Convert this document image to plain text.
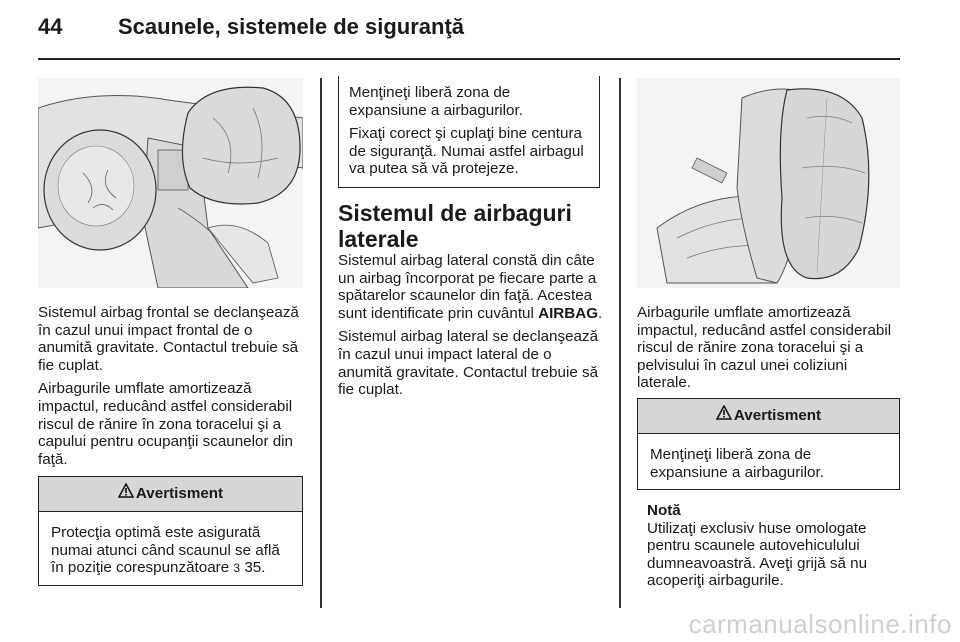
44	Scaunele, sistemele de siguranţă

Sistemul airbag frontal se declanşează în cazul unui impact frontal de o anumită gravitate. Contactul trebuie să fie cuplat.

Airbagurile umflate amortizează impactul, reducând astfel considerabil riscul de rănire în zona toracelui şi a capului pentru ocupanţii scaunelor din faţă.

Avertisment
Protecţia optimă este asigurată numai atunci când scaunul se află în poziţie corespunzătoare 3 35.

Menţineţi liberă zona de expansiune a airbagurilor.

Fixaţi corect şi cuplaţi bine centura de siguranţă. Numai astfel airbagul va putea să vă protejeze.

Sistemul de airbaguri laterale

Sistemul airbag lateral constă din câte un airbag încorporat pe fiecare parte a spătarelor scaunelor din faţă. Acestea sunt identificate prin cuvântul AIRBAG.

Sistemul airbag lateral se declanşează în cazul unui impact lateral de o anumită gravitate. Contactul trebuie să fie cuplat.

Airbagurile umflate amortizează impactul, reducând astfel considerabil riscul de rănire zona toracelui şi a pelvisului în cazul unei coliziuni laterale.

Avertisment
Menţineţi liberă zona de expansiune a airbagurilor.
Notă
Utilizaţi exclusiv huse omologate pentru scaunele autovehiculului dumneavoastră. Aveţi grijă să nu acoperiţi airbagurile.
carmanualsonline.info
